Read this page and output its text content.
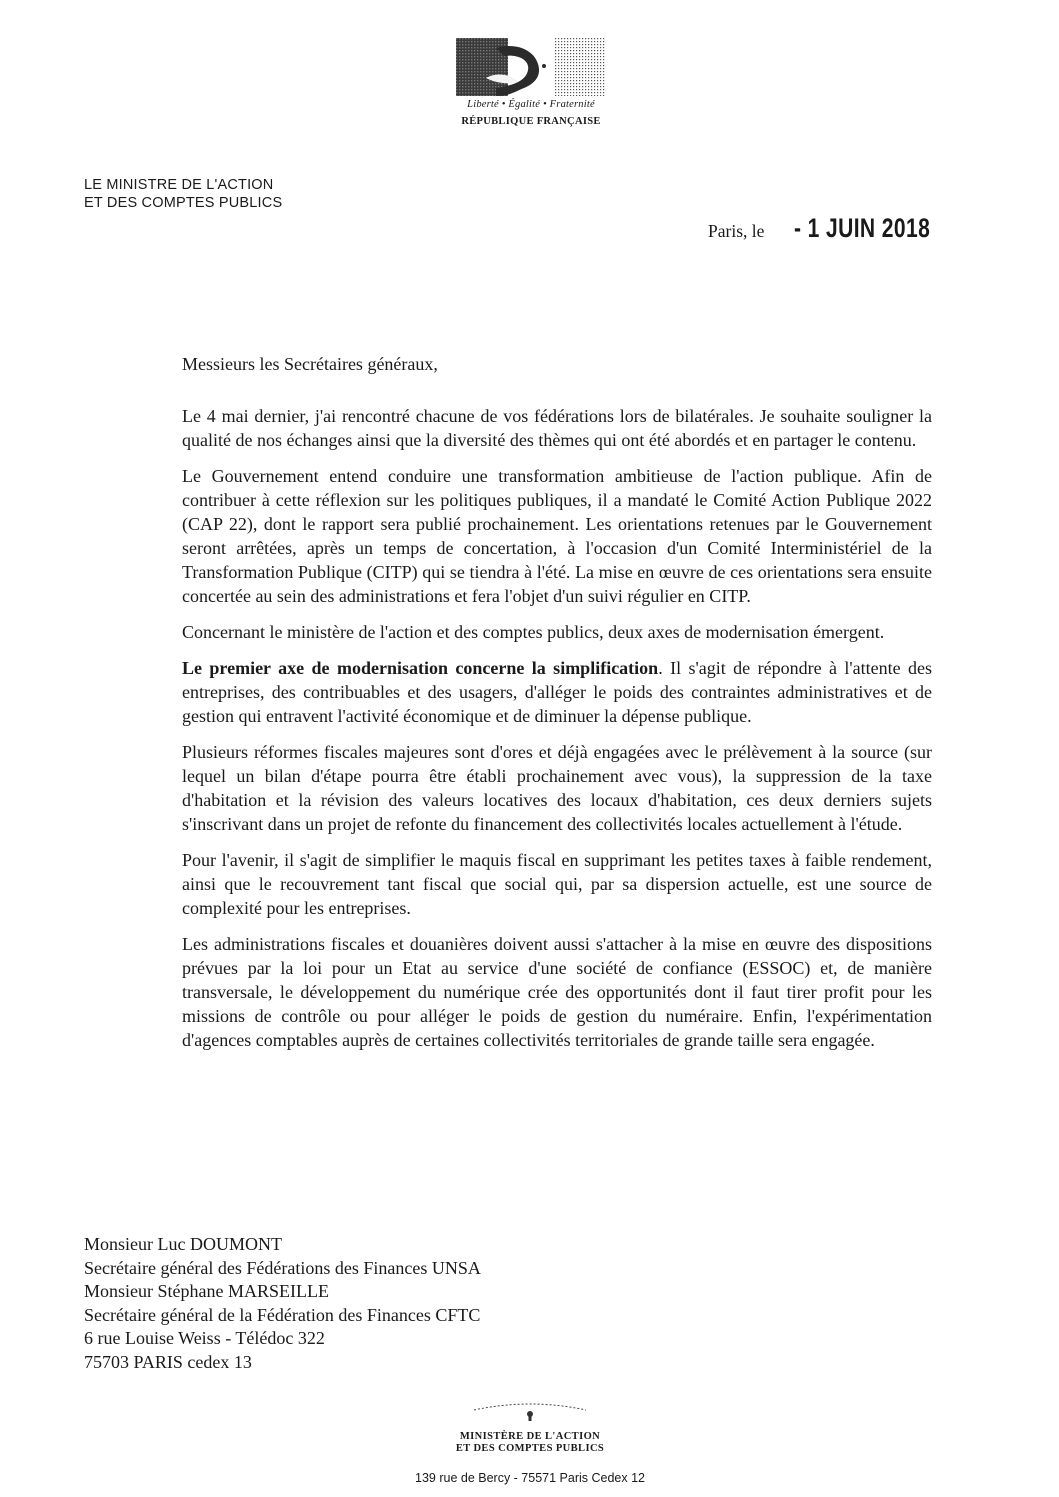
Liberté • Égalité • Fraternité
RÉPUBLIQUE FRANÇAISE
LE MINISTRE DE L'ACTION
ET DES COMPTES PUBLICS
Paris, le - 1 JUIN 2018
Messieurs les Secrétaires généraux,

Le 4 mai dernier, j'ai rencontré chacune de vos fédérations lors de bilatérales. Je souhaite souligner la qualité de nos échanges ainsi que la diversité des thèmes qui ont été abordés et en partager le contenu.

Le Gouvernement entend conduire une transformation ambitieuse de l'action publique. Afin de contribuer à cette réflexion sur les politiques publiques, il a mandaté le Comité Action Publique 2022 (CAP 22), dont le rapport sera publié prochainement. Les orientations retenues par le Gouvernement seront arrêtées, après un temps de concertation, à l'occasion d'un Comité Interministériel de la Transformation Publique (CITP) qui se tiendra à l'été. La mise en œuvre de ces orientations sera ensuite concertée au sein des administrations et fera l'objet d'un suivi régulier en CITP.

Concernant le ministère de l'action et des comptes publics, deux axes de modernisation émergent.

Le premier axe de modernisation concerne la simplification. Il s'agit de répondre à l'attente des entreprises, des contribuables et des usagers, d'alléger le poids des contraintes administratives et de gestion qui entravent l'activité économique et de diminuer la dépense publique.

Plusieurs réformes fiscales majeures sont d'ores et déjà engagées avec le prélèvement à la source (sur lequel un bilan d'étape pourra être établi prochainement avec vous), la suppression de la taxe d'habitation et la révision des valeurs locatives des locaux d'habitation, ces deux derniers sujets s'inscrivant dans un projet de refonte du financement des collectivités locales actuellement à l'étude.

Pour l'avenir, il s'agit de simplifier le maquis fiscal en supprimant les petites taxes à faible rendement, ainsi que le recouvrement tant fiscal que social qui, par sa dispersion actuelle, est une source de complexité pour les entreprises.

Les administrations fiscales et douanières doivent aussi s'attacher à la mise en œuvre des dispositions prévues par la loi pour un Etat au service d'une société de confiance (ESSOC) et, de manière transversale, le développement du numérique crée des opportunités dont il faut tirer profit pour les missions de contrôle ou pour alléger le poids de gestion du numéraire. Enfin, l'expérimentation d'agences comptables auprès de certaines collectivités territoriales de grande taille sera engagée.

Monsieur Luc DOUMONT
Secrétaire général des Fédérations des Finances UNSA
Monsieur Stéphane MARSEILLE
Secrétaire général de la Fédération des Finances CFTC
6 rue Louise Weiss - Télédoc 322
75703 PARIS cedex 13
MINISTÈRE DE L'ACTION
ET DES COMPTES PUBLICS
139 rue de Bercy - 75571 Paris Cedex 12
